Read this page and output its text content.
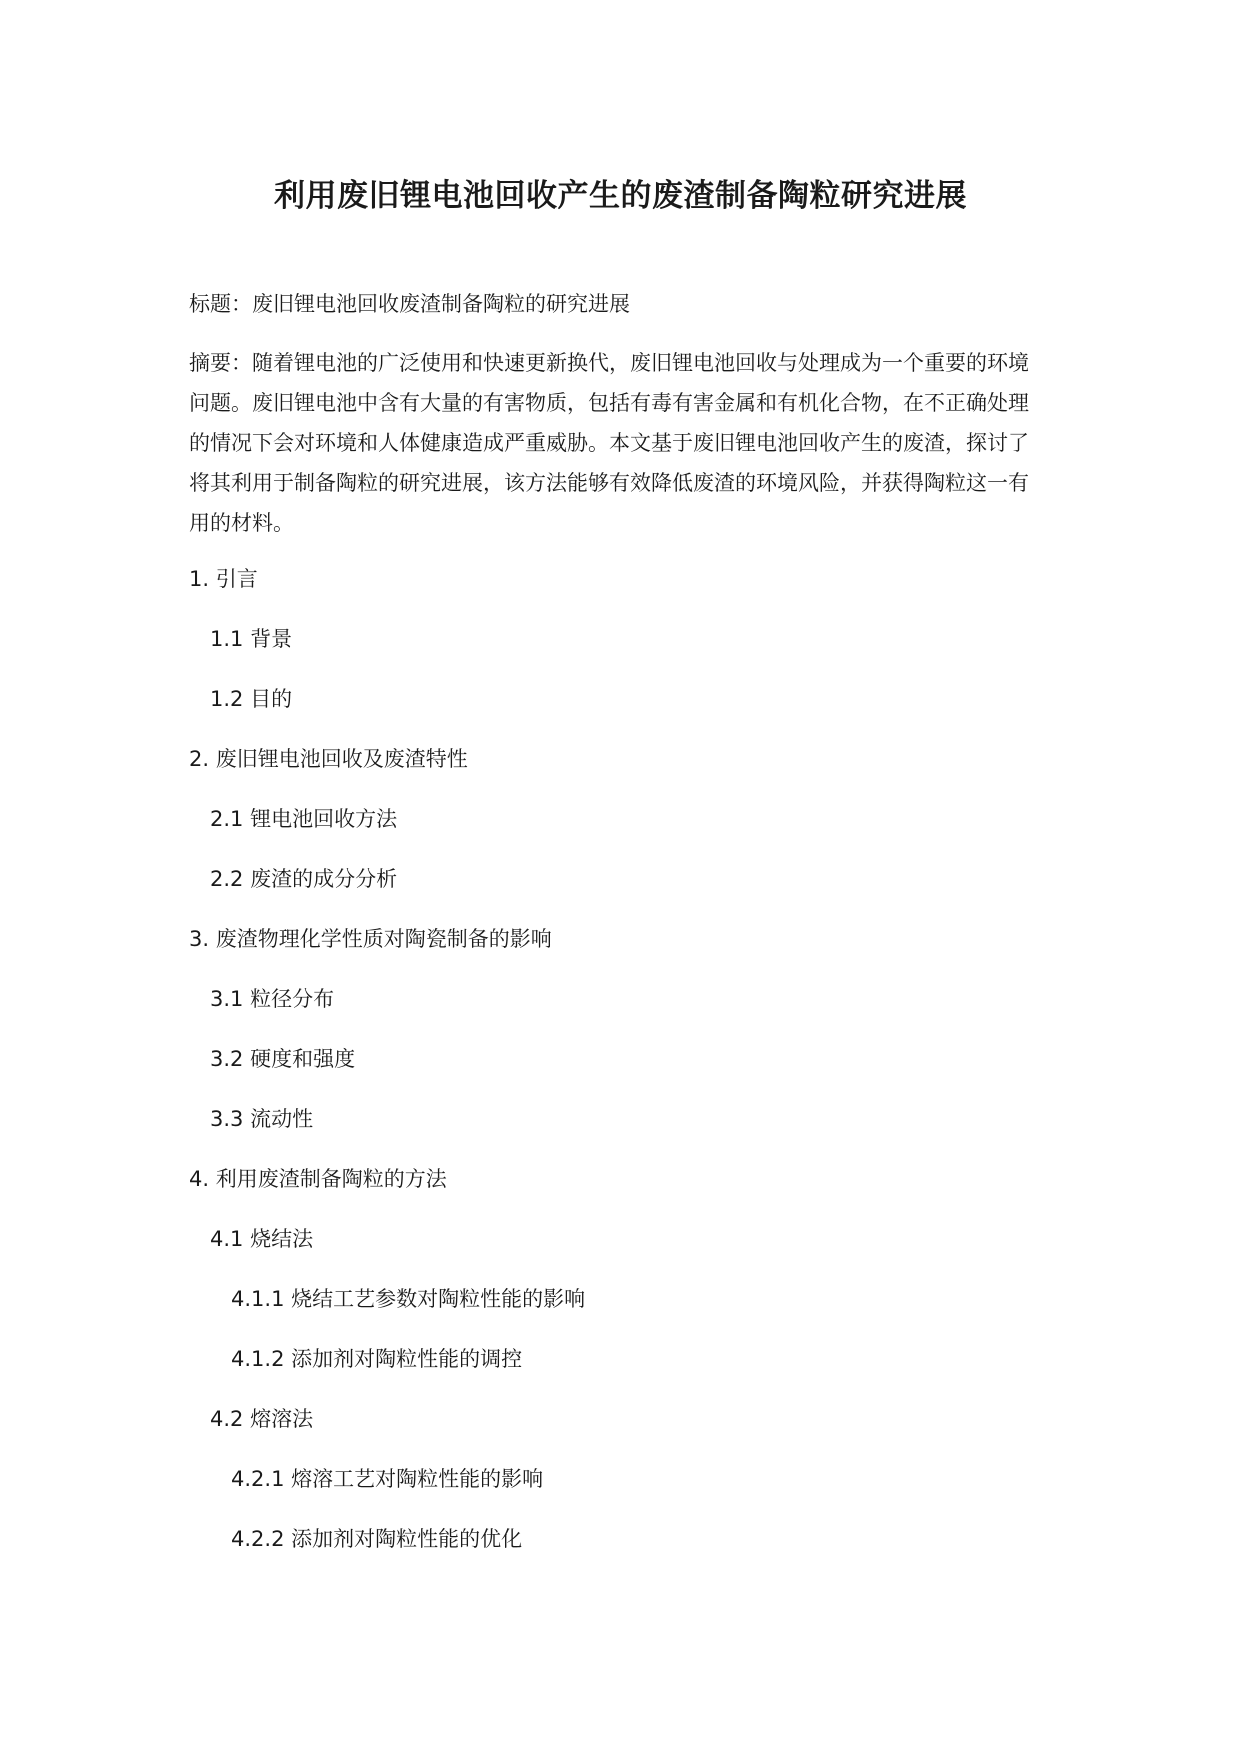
利用废旧锂电池回收产生的废渣制备陶粒研究进展

标题：废旧锂电池回收废渣制备陶粒的研究进展

摘要：随着锂电池的广泛使用和快速更新换代，废旧锂电池回收与处理成为一个重要的环境问题。废旧锂电池中含有大量的有害物质，包括有毒有害金属和有机化合物，在不正确处理的情况下会对环境和人体健康造成严重威胁。本文基于废旧锂电池回收产生的废渣，探讨了将其利用于制备陶粒的研究进展，该方法能够有效降低废渣的环境风险，并获得陶粒这一有用的材料。

1. 引言
1.1 背景
1.2 目的
2. 废旧锂电池回收及废渣特性
2.1 锂电池回收方法
2.2 废渣的成分分析
3. 废渣物理化学性质对陶瓷制备的影响
3.1 粒径分布
3.2 硬度和强度
3.3 流动性
4. 利用废渣制备陶粒的方法
4.1 烧结法
4.1.1 烧结工艺参数对陶粒性能的影响
4.1.2 添加剂对陶粒性能的调控
4.2 熔溶法
4.2.1 熔溶工艺对陶粒性能的影响
4.2.2 添加剂对陶粒性能的优化
